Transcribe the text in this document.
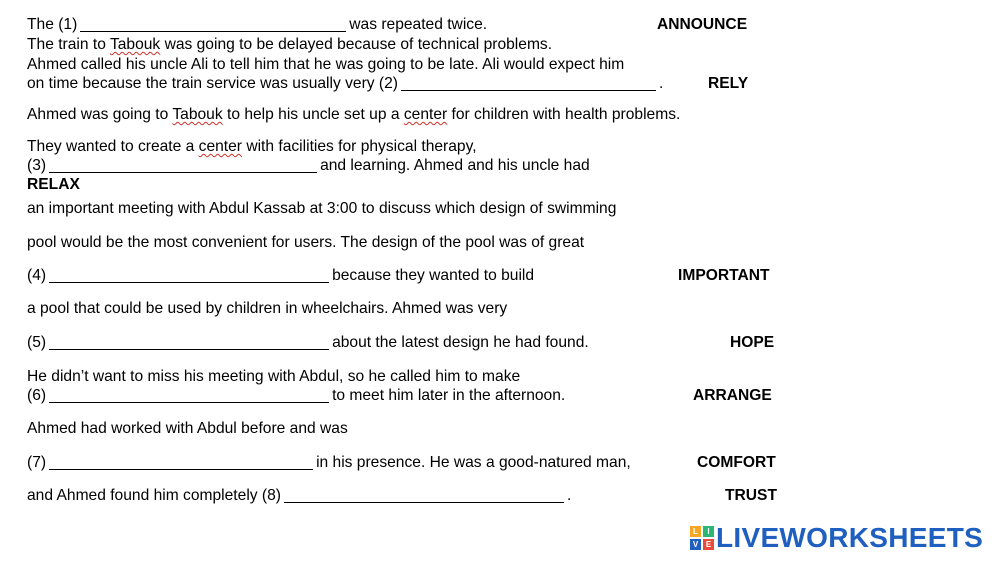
The (1)	was repeated twice.	ANNOUNCE
The train to Tabouk was going to be delayed because of technical problems.
Ahmed called his uncle Ali to tell him that he was going to be late. Ali would expect him
on time because the train service was usually very (2)	.	RELY
Ahmed was going to Tabouk to help his uncle set up a center for children with health problems.
They wanted to create a center with facilities for physical therapy,
(3)	and learning. Ahmed and his uncle had
RELAX
an important meeting with Abdul Kassab at 3:00 to discuss which design of swimming
pool would be the most convenient for users. The design of the pool was of great
(4)	because they wanted to build	IMPORTANT
a pool that could be used by children in wheelchairs. Ahmed was very
(5)	about the latest design he had found.	HOPE
He didn’t want to miss his meeting with Abdul, so he called him to make
(6)	to meet him later in the afternoon.	ARRANGE
Ahmed had worked with Abdul before and was
(7)	in his presence. He was a good-natured man,	COMFORT
and Ahmed found him completely (8)	.	TRUST
L	I
V E LIVEWORKSHEETS
